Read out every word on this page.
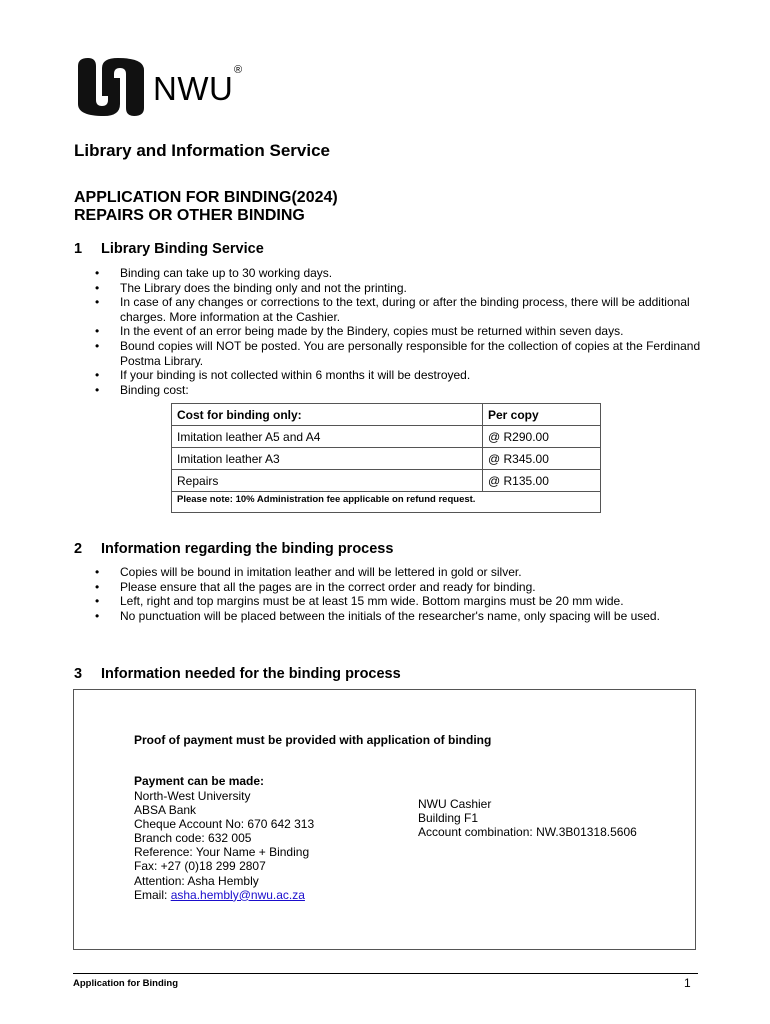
NWU ®
Library and Information Service
APPLICATION FOR BINDING(2024)
REPAIRS OR OTHER BINDING
1 Library Binding Service
• Binding can take up to 30 working days.
• The Library does the binding only and not the printing.
• In case of any changes or corrections to the text, during or after the binding process, there will be additional charges. More information at the Cashier.
• In the event of an error being made by the Bindery, copies must be returned within seven days.
• Bound copies will NOT be posted. You are personally responsible for the collection of copies at the Ferdinand Postma Library.
• If your binding is not collected within 6 months it will be destroyed.
• Binding cost:
Cost for binding only:	Per copy
Imitation leather A5 and A4	@ R290.00
Imitation leather A3	@ R345.00
Repairs	@ R135.00
Please note: 10% Administration fee applicable on refund request.	
2 Information regarding the binding process
• Copies will be bound in imitation leather and will be lettered in gold or silver.
• Please ensure that all the pages are in the correct order and ready for binding.
• Left, right and top margins must be at least 15 mm wide. Bottom margins must be 20 mm wide.
• No punctuation will be placed between the initials of the researcher's name, only spacing will be used.
3 Information needed for the binding process
Proof of payment must be provided with application of binding
Payment can be made:
North-West University
ABSA Bank
Cheque Account No: 670 642 313
Branch code: 632 005
Reference: Your Name + Binding
Fax: +27 (0)18 299 2807
Attention: Asha Hembly
Email: asha.hembly@nwu.ac.za
NWU Cashier
Building F1
Account combination: NW.3B01318.5606
Application for Binding	1
